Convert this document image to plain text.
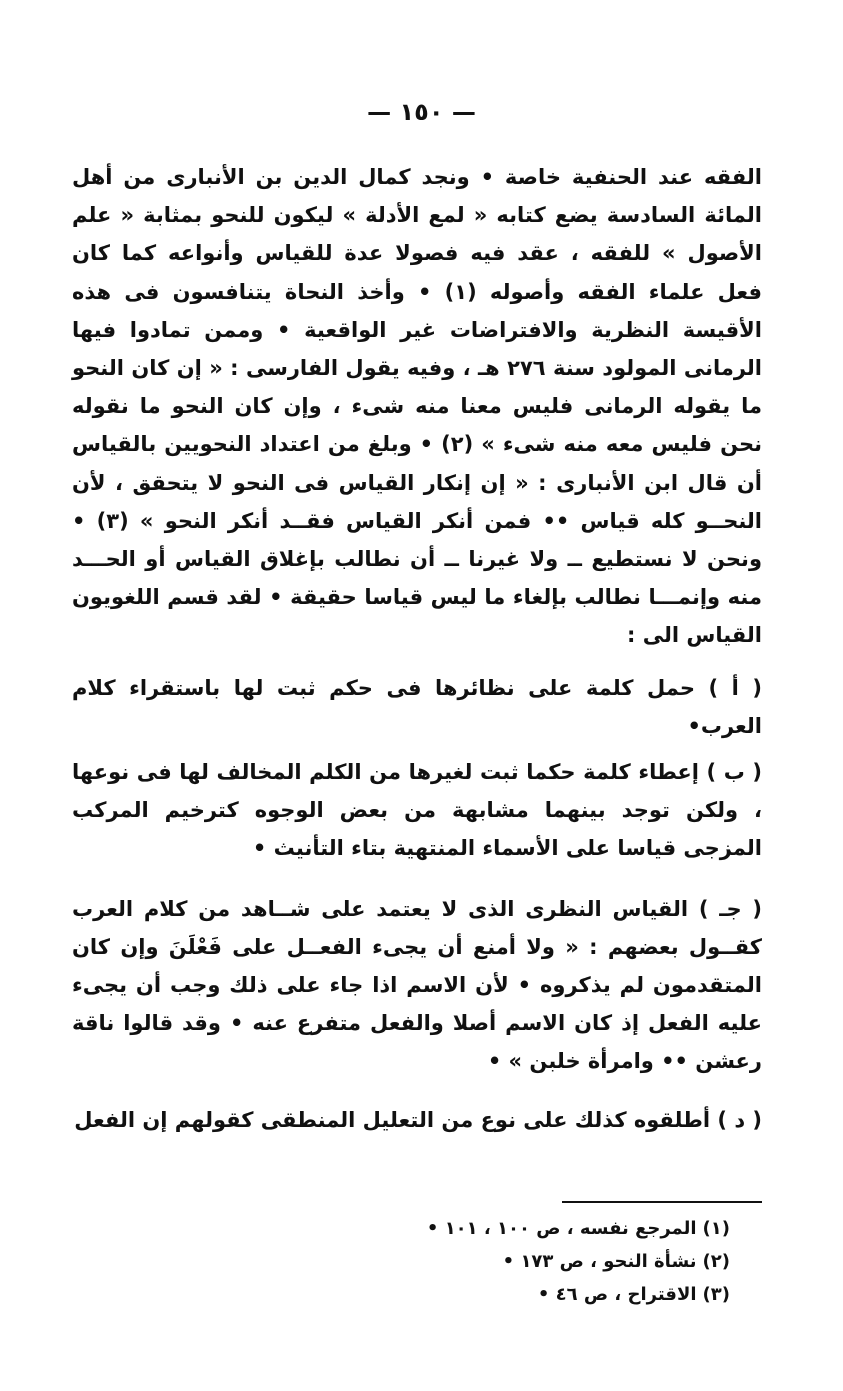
— ١٥٠ —

الفقه عند الحنفية خاصة • ونجد كمال الدين بن الأنبارى من أهل المائة السادسة يضع كتابه « لمع الأدلة » ليكون للنحو بمثابة « علم الأصول » للفقه ، عقد فيه فصولا عدة للقياس وأنواعه كما كان فعل علماء الفقه وأصوله (١) • وأخذ النحاة يتنافسون فى هذه الأقيسة النظرية والافتراضات غير الواقعية • وممن تمادوا فيها الرمانى المولود سنة ٢٧٦ هـ ، وفيه يقول الفارسى : « إن كان النحو ما يقوله الرمانى فليس معنا منه شىء ، وإن كان النحو ما نقوله نحن فليس معه منه شىء » (٢) • وبلغ من اعتداد النحويين بالقياس أن قال ابن الأنبارى : « إن إنكار القياس فى النحو لا يتحقق ، لأن النحــو كله قياس •• فمن أنكر القياس فقــد أنكر النحو » (٣) • ونحن لا نستطيع ــ ولا غيرنا ــ أن نطالب بإغلاق القياس أو الحـــد منه وإنمـــا نطالب بإلغاء ما ليس قياسا حقيقة • لقد قسم اللغويون القياس الى :

( أ ) حمل كلمة على نظائرها فى حكم ثبت لها باستقراء كلام العرب•

( ب ) إعطاء كلمة حكما ثبت لغيرها من الكلم المخالف لها فى نوعها ، ولكن توجد بينهما مشابهة من بعض الوجوه كترخيم المركب المزجى قياسا على الأسماء المنتهية بتاء التأنيث •

( جـ ) القياس النظرى الذى لا يعتمد على شــاهد من كلام العرب كقــول بعضهم : « ولا أمنع أن يجىء الفعــل على فَعْلَنَ وإن كان المتقدمون لم يذكروه • لأن الاسم اذا جاء على ذلك وجب أن يجىء عليه الفعل إذ كان الاسم أصلا والفعل متفرع عنه • وقد قالوا ناقة رعشن •• وامرأة خلبن » •

( د ) أطلقوه كذلك على نوع من التعليل المنطقى كقولهم إن الفعل

(١)المرجع نفسه ، ص ١٠٠ ، ١٠١ •
(٢)نشأة النحو ، ص ١٧٣ •
(٣)الاقتراح ، ص ٤٦ •
